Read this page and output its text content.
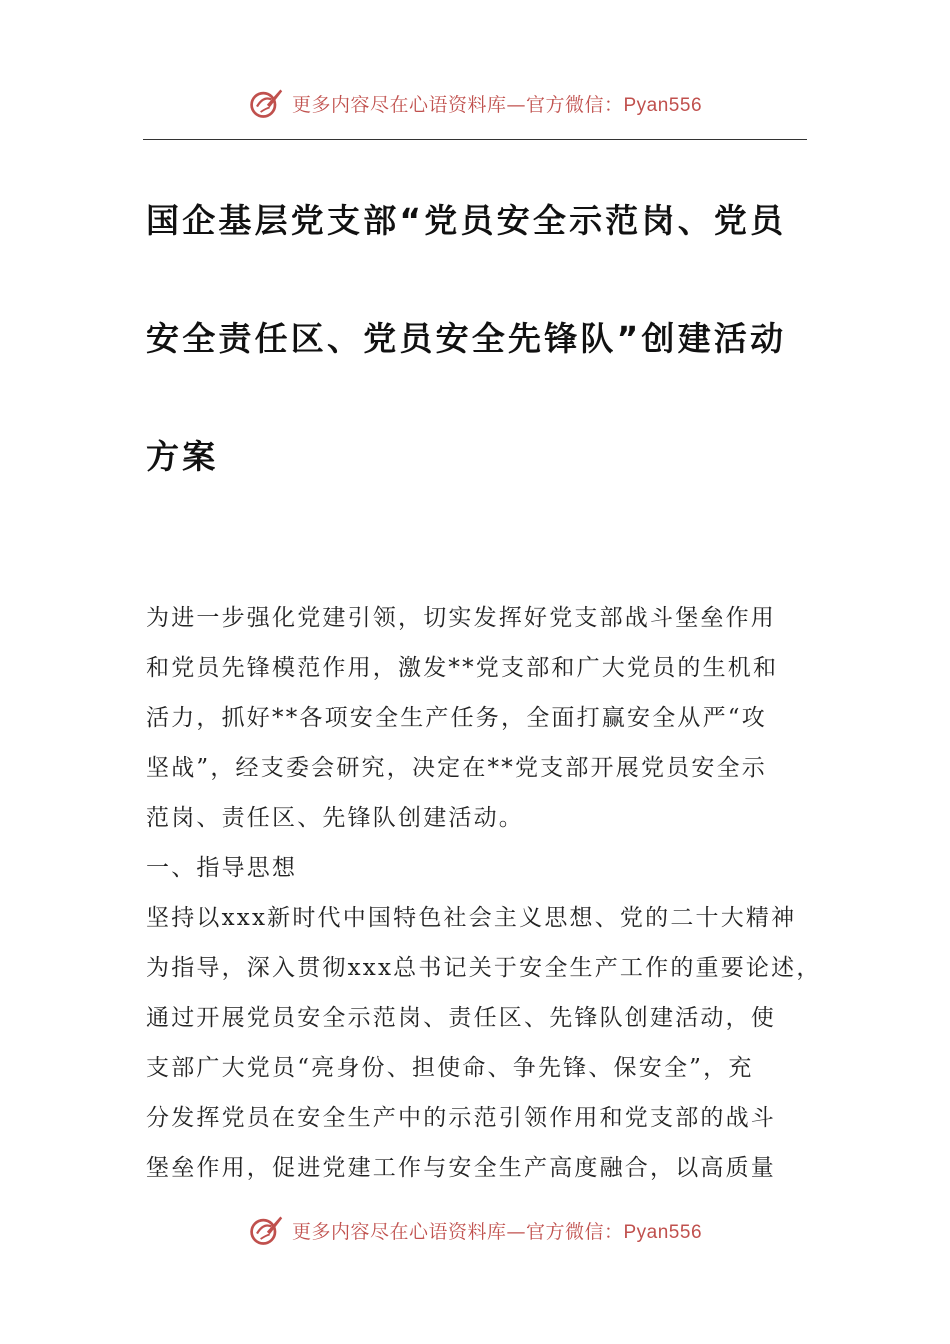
更多内容尽在心语资料库—官方微信：Pyan556
国企基层党支部“党员安全示范岗、党员
安全责任区、党员安全先锋队”创建活动
方案
为进一步强化党建引领，切实发挥好党支部战斗堡垒作用
和党员先锋模范作用，激发**党支部和广大党员的生机和
活力，抓好**各项安全生产任务，全面打赢安全从严“攻
坚战”，经支委会研究，决定在**党支部开展党员安全示
范岗、责任区、先锋队创建活动。
一、指导思想
坚持以xxx新时代中国特色社会主义思想、党的二十大精神
为指导，深入贯彻xxx总书记关于安全生产工作的重要论述，
通过开展党员安全示范岗、责任区、先锋队创建活动，使
支部广大党员“亮身份、担使命、争先锋、保安全”，充
分发挥党员在安全生产中的示范引领作用和党支部的战斗
堡垒作用，促进党建工作与安全生产高度融合，以高质量
更多内容尽在心语资料库—官方微信：Pyan556
